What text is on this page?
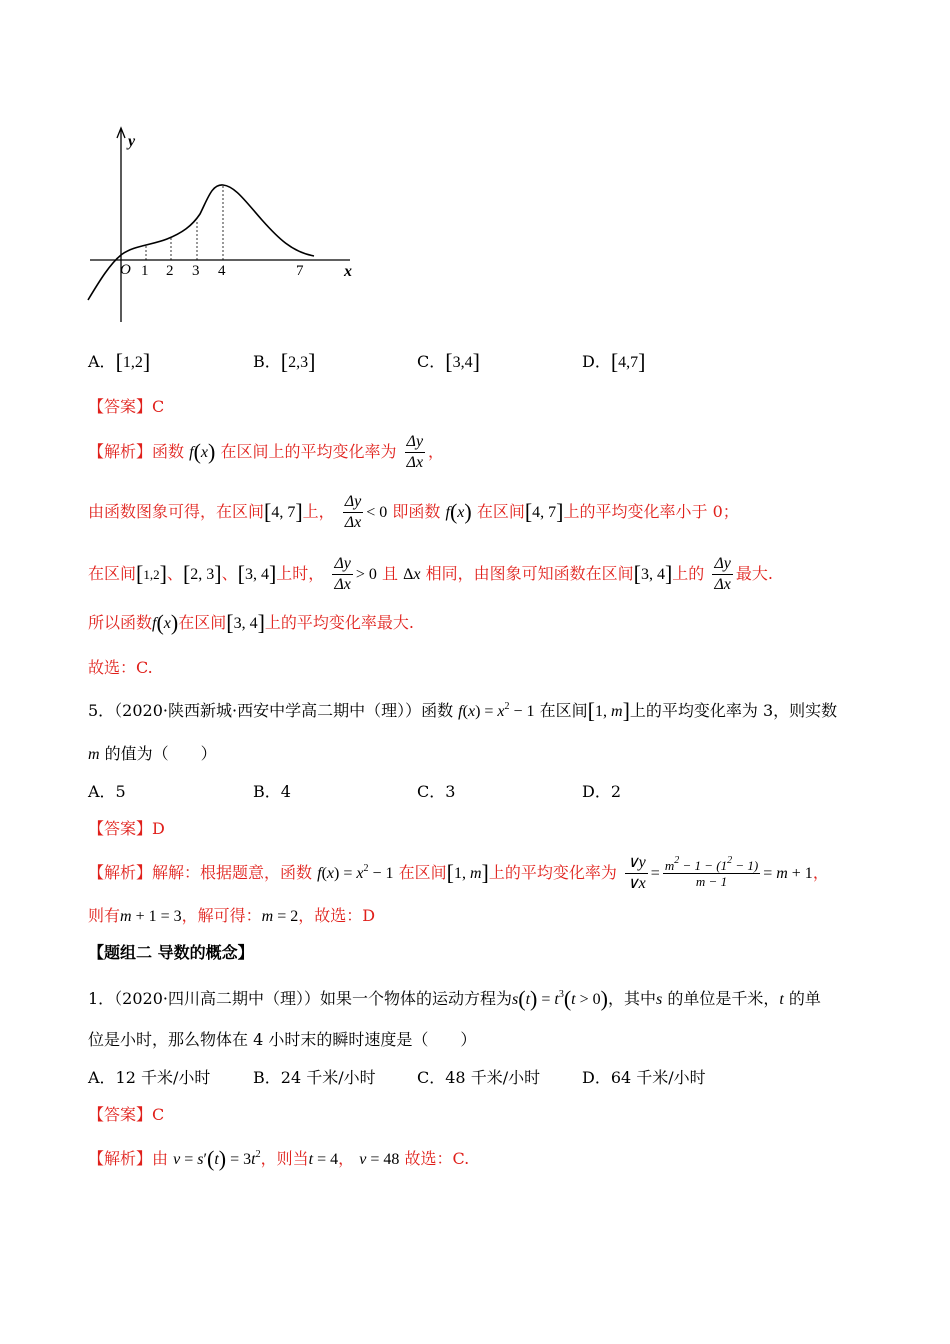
y
x
O 1 2 3 4	7
A．[1,2]	B．[2,3]	C．[3,4]	D．[4,7]
【答案】C
【解析】函数 f(x) 在区间上的平均变化率为 $\frac{\Delta y}{\Delta x}$ ，
由函数图象可得，在区间[4, 7]上， $\frac{\Delta y}{\Delta x} < 0$ 即函数 f(x) 在区间[4, 7]上的平均变化率小于 0；
在区间[1,2]、[2, 3]、[3, 4]上时， $\frac{\Delta y}{\Delta x} > 0$ 且 Δx 相同，由图象可知函数在区间[3, 4]上的 $\frac{\Delta y}{\Delta x}$ 最大.
所以函数f(x)在区间[3, 4]上的平均变化率最大.
故选：C.
5．（2020·陕西新城·西安中学高二期中（理））函数 $f(x) = x^2 - 1$ 在区间[1, m]上的平均变化率为 3，则实数
m 的值为（　　）
A．5	B．4	C．3	D．2
【答案】D
【解析】解解：根据题意，函数 $f(x) = x^2 - 1$ 在区间[1, m]上的平均变化率为 $\frac{\vee y}{\vee x} = \frac{m^2 - 1 - (1^2 - 1)}{m - 1} = m + 1$，
则有m + 1 = 3，解可得：m = 2，故选：D
【题组二 导数的概念】
1．（2020·四川高二期中（理））如果一个物体的运动方程为$s(t) = t^3(t > 0)$，其中s 的单位是千米，t 的单
位是小时，那么物体在 4 小时末的瞬时速度是（　　）
A．12 千米/小时	B．24 千米/小时	C．48 千米/小时	D．64 千米/小时
【答案】C
【解析】由 $v = s'(t) = 3t^2$，则当t = 4， v = 48 故选：C.
